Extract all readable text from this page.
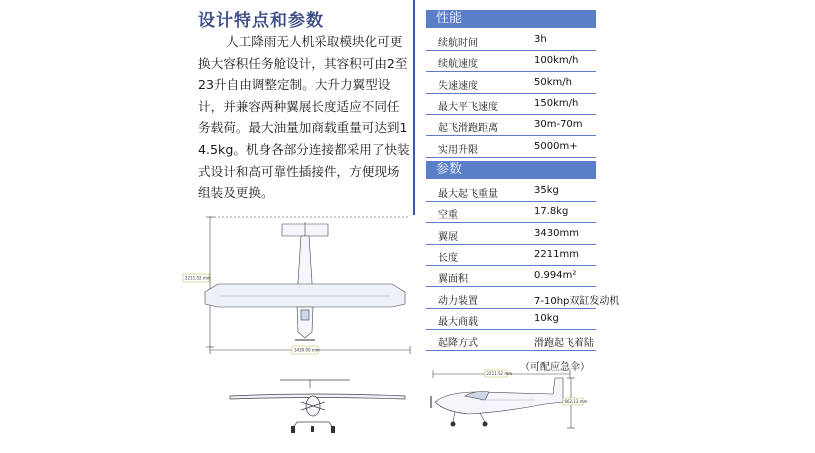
设计特点和参数
人工降雨无人机采取模块化可更换大容积任务舱设计，其容积可由2至23升自由调整定制。大升力翼型设计，并兼容两种翼展长度适应不同任务载荷。最大油量加商载重量可达到14.5kg。机身各部分连接都采用了快装式设计和高可靠性插接件，方便现场组装及更换。
性能
续航时间	3h
续航速度	100km/h
失速速度	50km/h
最大平飞速度	150km/h
起飞滑跑距离	30m-70m
实用升限	5000m+
参数
最大起飞重量	35kg
空重	17.8kg
翼展	3430mm
长度	2211mm
翼面积	0.994m²
动力装置	7-10hp双缸发动机
最大商载	10kg
起降方式	滑跑起飞着陆
（可配应急伞）
2211.52 mm
3430.00 mm
2211.52 mm
662.12 mm
